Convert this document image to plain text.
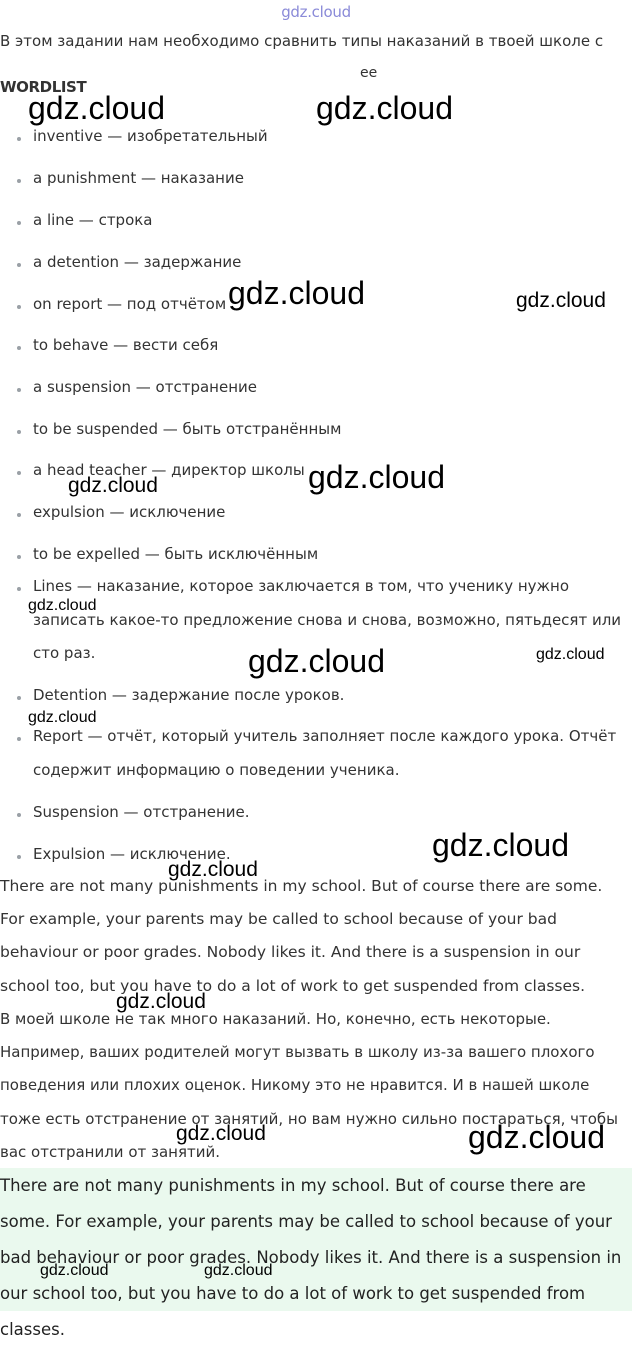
gdz.cloud
В этом задании нам необходимо сравнить типы наказаний в твоей школе с
ее
WORDLIST
inventive — изобретательный
a punishment — наказание
a line — строка
a detention — задержание
on report — под отчётом
to behave — вести себя
a suspension — отстранение
to be suspended — быть отстранённым
a head teacher — директор школы
expulsion — исключение
to be expelled — быть исключённым
Lines — наказание, которое заключается в том, что ученику нужно записать какое-то предложение снова и снова, возможно, пятьдесят или сто раз.
Detention — задержание после уроков.
Report — отчёт, который учитель заполняет после каждого урока. Отчёт содержит информацию о поведении ученика.
Suspension — отстранение.
Expulsion — исключение.
There are not many punishments in my school. But of course there are some. For example, your parents may be called to school because of your bad behaviour or poor grades. Nobody likes it. And there is a suspension in our school too, but you have to do a lot of work to get suspended from classes.
В моей школе не так много наказаний. Но, конечно, есть некоторые. Например, ваших родителей могут вызвать в школу из-за вашего плохого поведения или плохих оценок. Никому это не нравится. И в нашей школе тоже есть отстранение от занятий, но вам нужно сильно постараться, чтобы вас отстранили от занятий.
There are not many punishments in my school. But of course there are some. For example, your parents may be called to school because of your bad behaviour or poor grades. Nobody likes it. And there is a suspension in our school too, but you have to do a lot of work to get suspended from classes.
gdz.cloud	gdz.cloud
gdz.cloud	gdz.cloud
gdz.cloud
gdz.cloud
gdz.cloud
gdz.cloud	gdz.cloud
gdz.cloud
gdz.cloud
gdz.cloud
gdz.cloud
gdz.cloud	gdz.cloud
gdz.cloud	gdz.cloud
